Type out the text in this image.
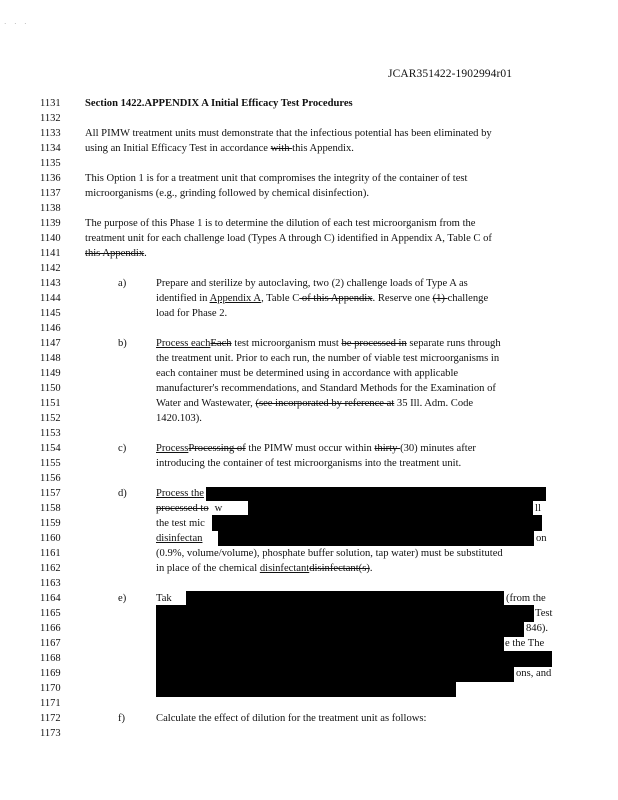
· · ·
JCAR351422-1902994r01
1131
1132
1133
1134
1135
1136
1137
1138
1139
1140
1141
1142
1143
1144
1145
1146
1147
1148
1149
1150
1151
1152
1153
1154
1155
1156
1157
1158
1159
1160
1161
1162
1163
1164
1165
1166
1167
1168
1169
1170
1171
1172
1173
Section 1422.APPENDIX A Initial Efficacy Test Procedures
All PIMW treatment units must demonstrate that the infectious potential has been eliminated by
using an Initial Efficacy Test in accordance with this Appendix.
This Option 1 is for a treatment unit that compromises the integrity of the container of test
microorganisms (e.g., grinding followed by chemical disinfection).
The purpose of this Phase 1 is to determine the dilution of each test microorganism from the
treatment unit for each challenge load (Types A through C) identified in Appendix A, Table C of
this Appendix.
a)	Prepare and sterilize by autoclaving, two (2) challenge loads of Type A as
identified in Appendix A, Table C of this Appendix. Reserve one (1) challenge
load for Phase 2.
b)	Process eachEach test microorganism must be processed in separate runs through
the treatment unit. Prior to each run, the number of viable test microorganisms in
each container must be determined using in accordance with applicable
manufacturer's recommendations, and Standard Methods for the Examination of
Water and Wastewater, (see incorporated by reference at 35 Ill. Adm. Code
1420.103).
c)	ProcessProcessing of the PIMW must occur within thirty (30) minutes after
introducing the container of test microorganisms into the treatment unit.
d)	Process the
processed to w	ll
the test mic
disinfectan	on
(0.9%, volume/volume), phosphate buffer solution, tap water) must be substituted
in place of the chemical disinfectantdisinfectant(s).
e)	Tak	(from the
Test
846).
e the The
ons, and
f)	Calculate the effect of dilution for the treatment unit as follows:
